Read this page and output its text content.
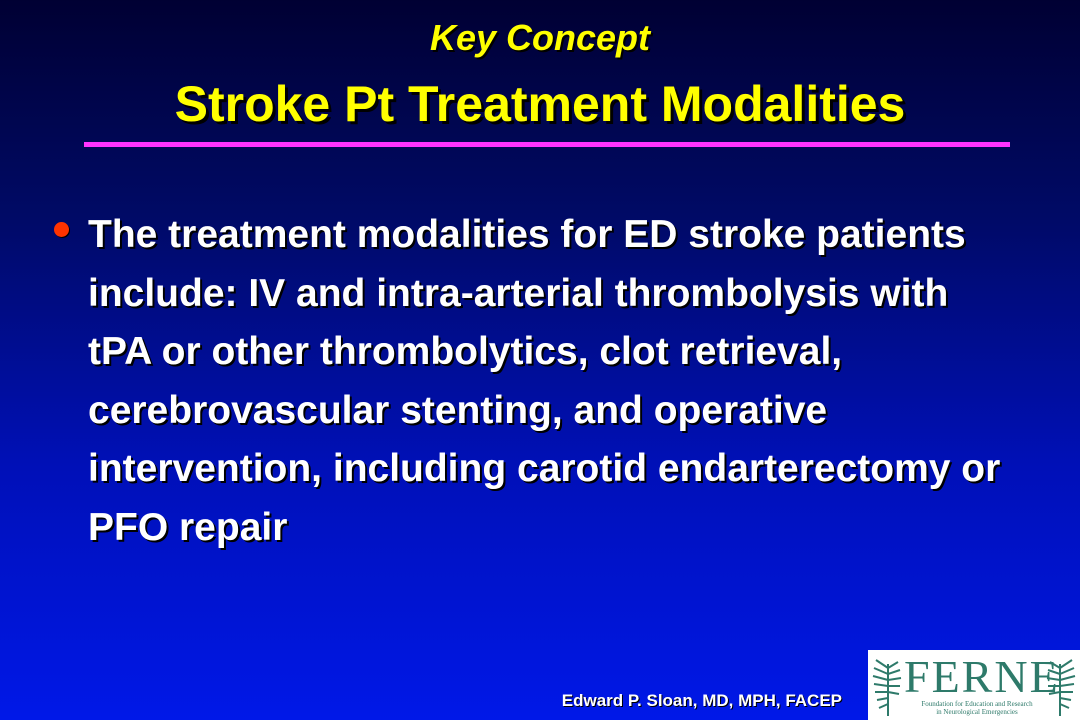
Key Concept
Stroke Pt Treatment Modalities
The treatment modalities for ED stroke patients include: IV and intra-arterial thrombolysis with tPA or other thrombolytics, clot retrieval, cerebrovascular stenting, and operative intervention, including carotid endarterectomy or PFO repair
Edward P. Sloan, MD, MPH, FACEP FERNE
Foundation for Education and Research
in Neurological Emergencies
